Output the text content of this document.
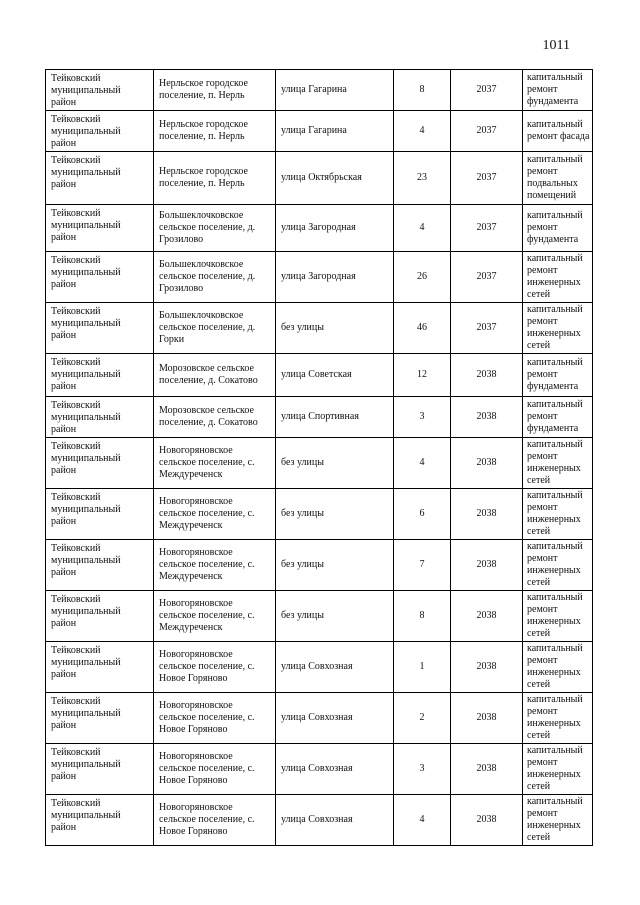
1011
Тейковский муниципальный район	Нерльское городское поселение, п. Нерль	улица Гагарина	8	2037	капитальный ремонт фундамента
Тейковский муниципальный район	Нерльское городское поселение, п. Нерль	улица Гагарина	4	2037	капитальный ремонт фасада
Тейковский муниципальный район	Нерльское городское поселение, п. Нерль	улица Октябрьская	23	2037	капитальный ремонт подвальных помещений
Тейковский муниципальный район	Большеклочковское сельское поселение, д. Грозилово	улица Загородная	4	2037	капитальный ремонт фундамента
Тейковский муниципальный район	Большеклочковское сельское поселение, д. Грозилово	улица Загородная	26	2037	капитальный ремонт инженерных сетей
Тейковский муниципальный район	Большеклочковское сельское поселение, д. Горки	без улицы	46	2037	капитальный ремонт инженерных сетей
Тейковский муниципальный район	Морозовское сельское поселение, д. Сокатово	улица Советская	12	2038	капитальный ремонт фундамента
Тейковский муниципальный район	Морозовское сельское поселение, д. Сокатово	улица Спортивная	3	2038	капитальный ремонт фундамента
Тейковский муниципальный район	Новогоряновское сельское поселение, с. Междуреченск	без улицы	4	2038	капитальный ремонт инженерных сетей
Тейковский муниципальный район	Новогоряновское сельское поселение, с. Междуреченск	без улицы	6	2038	капитальный ремонт инженерных сетей
Тейковский муниципальный район	Новогоряновское сельское поселение, с. Междуреченск	без улицы	7	2038	капитальный ремонт инженерных сетей
Тейковский муниципальный район	Новогоряновское сельское поселение, с. Междуреченск	без улицы	8	2038	капитальный ремонт инженерных сетей
Тейковский муниципальный район	Новогоряновское сельское поселение, с. Новое Горяново	улица Совхозная	1	2038	капитальный ремонт инженерных сетей
Тейковский муниципальный район	Новогоряновское сельское поселение, с. Новое Горяново	улица Совхозная	2	2038	капитальный ремонт инженерных сетей
Тейковский муниципальный район	Новогоряновское сельское поселение, с. Новое Горяново	улица Совхозная	3	2038	капитальный ремонт инженерных сетей
Тейковский муниципальный район	Новогоряновское сельское поселение, с. Новое Горяново	улица Совхозная	4	2038	капитальный ремонт инженерных сетей
